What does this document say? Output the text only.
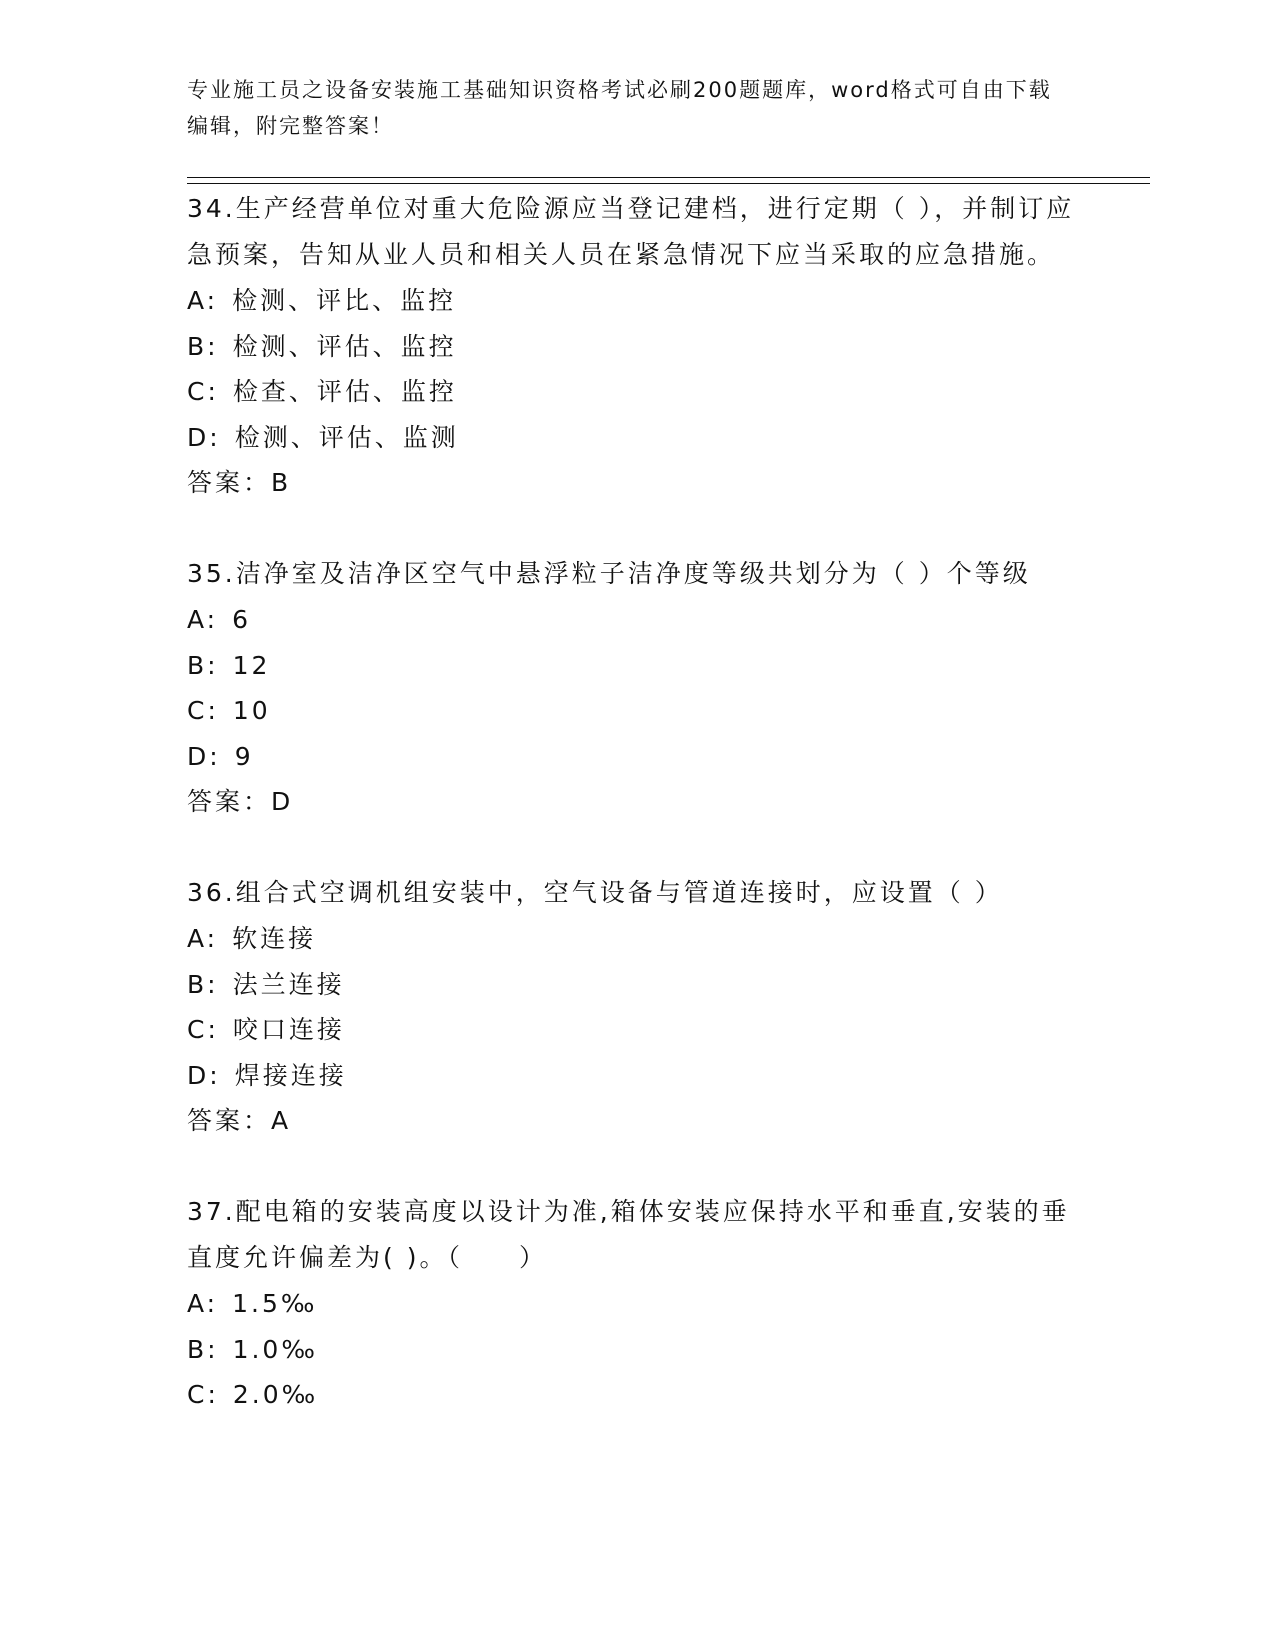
专业施工员之设备安装施工基础知识资格考试必刷200题题库，word格式可自由下载编辑，附完整答案！
34.生产经营单位对重大危险源应当登记建档，进行定期（ ），并制订应急预案，告知从业人员和相关人员在紧急情况下应当采取的应急措施。
A: 检测、评比、监控
B: 检测、评估、监控
C: 检查、评估、监控
D: 检测、评估、监测
答案：B
35.洁净室及洁净区空气中悬浮粒子洁净度等级共划分为（ ）个等级
A: 6
B: 12
C: 10
D: 9
答案：D
36.组合式空调机组安装中，空气设备与管道连接时，应设置（ ）
A: 软连接
B: 法兰连接
C: 咬口连接
D: 焊接连接
答案：A
37.配电箱的安装高度以设计为准,箱体安装应保持水平和垂直,安装的垂直度允许偏差为( )。（　　）
A: 1.5‰
B: 1.0‰
C: 2.0‰
